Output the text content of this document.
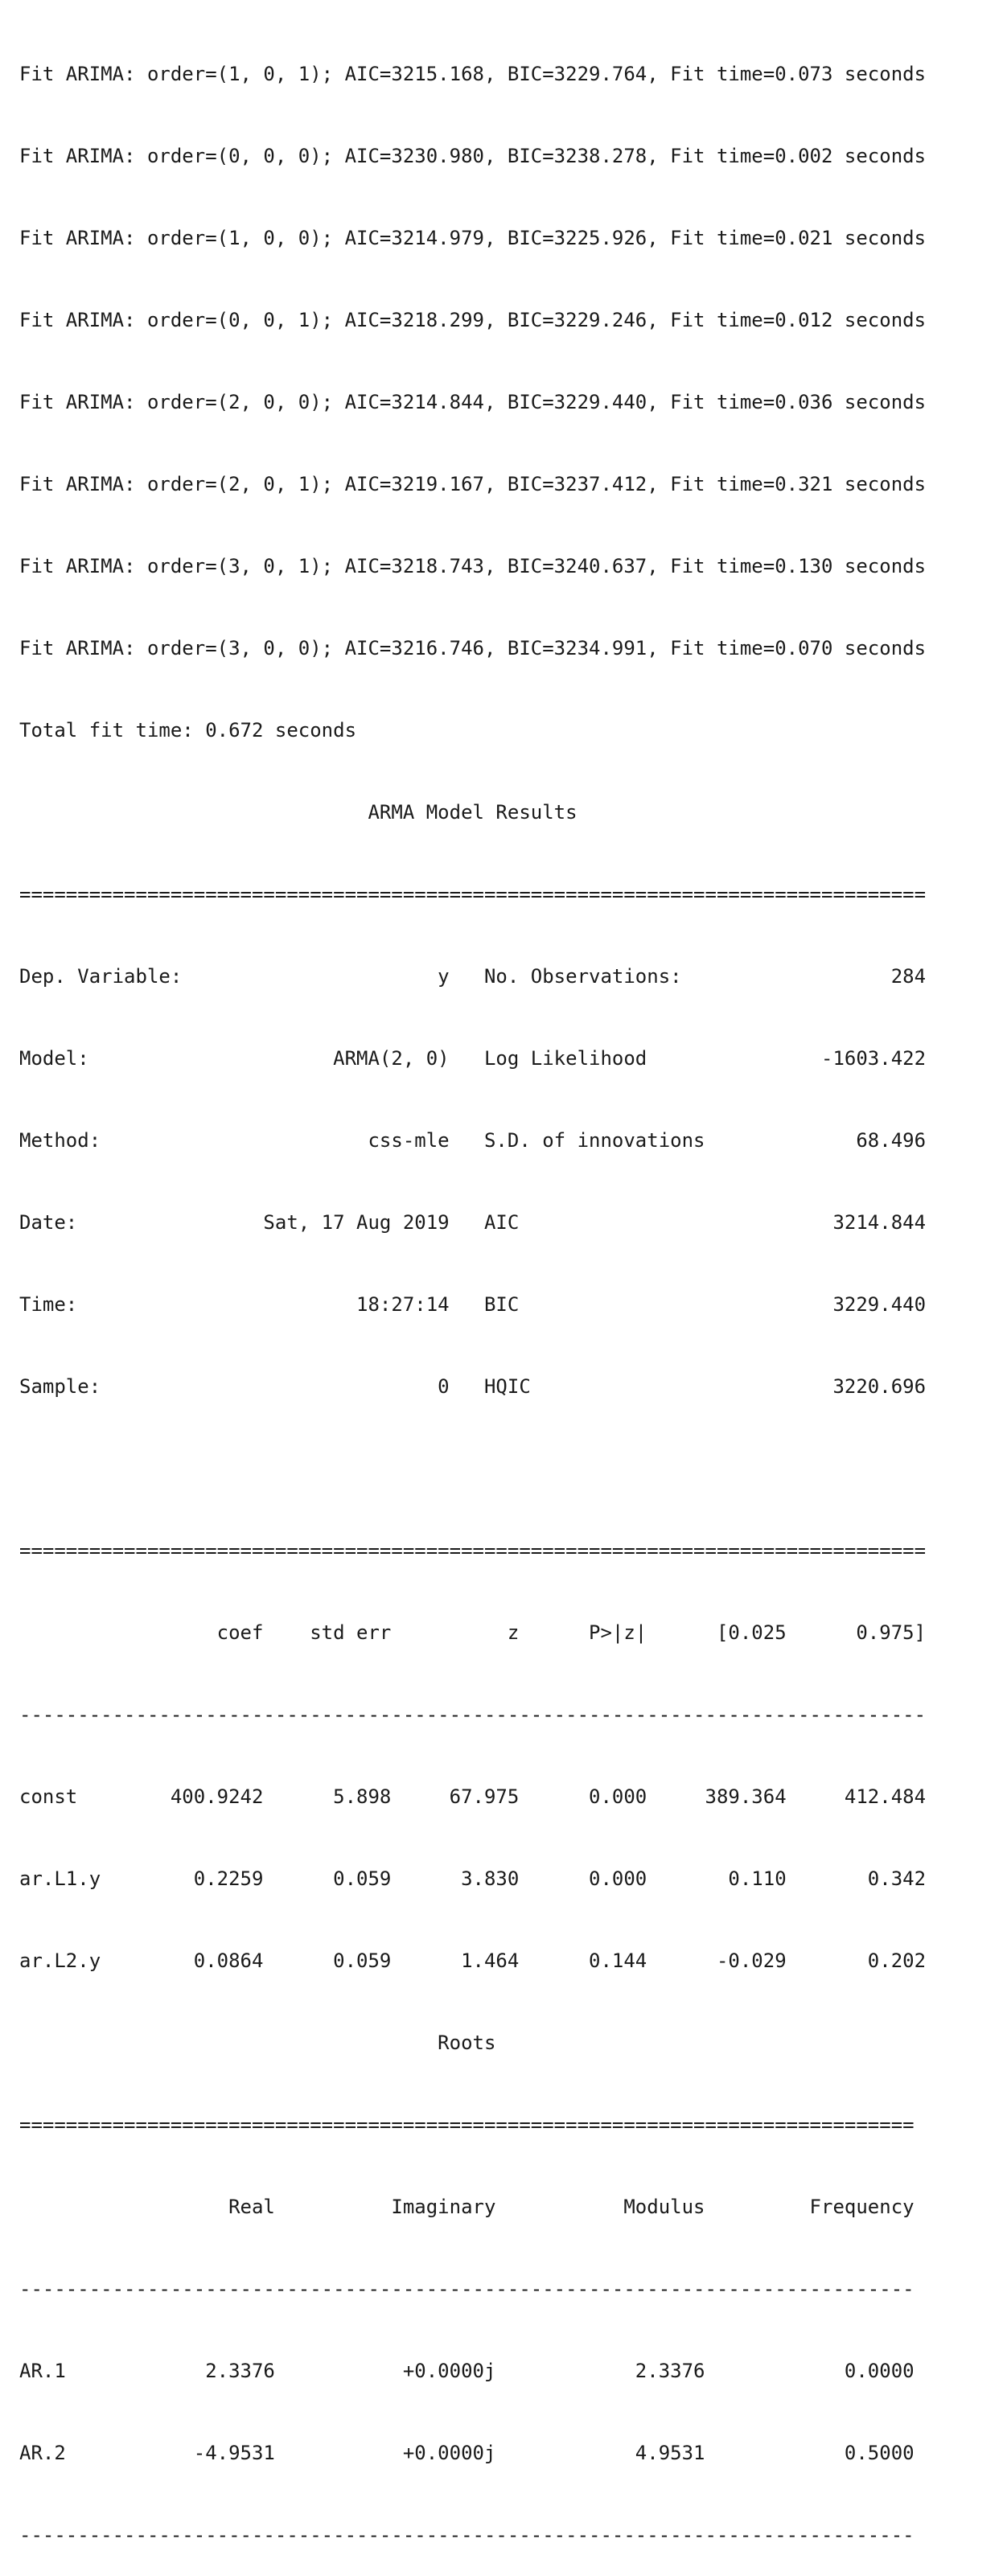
Fit ARIMA: order=(1, 0, 1); AIC=3215.168, BIC=3229.764, Fit time=0.073 seconds

Fit ARIMA: order=(0, 0, 0); AIC=3230.980, BIC=3238.278, Fit time=0.002 seconds

Fit ARIMA: order=(1, 0, 0); AIC=3214.979, BIC=3225.926, Fit time=0.021 seconds

Fit ARIMA: order=(0, 0, 1); AIC=3218.299, BIC=3229.246, Fit time=0.012 seconds

Fit ARIMA: order=(2, 0, 0); AIC=3214.844, BIC=3229.440, Fit time=0.036 seconds

Fit ARIMA: order=(2, 0, 1); AIC=3219.167, BIC=3237.412, Fit time=0.321 seconds

Fit ARIMA: order=(3, 0, 1); AIC=3218.743, BIC=3240.637, Fit time=0.130 seconds

Fit ARIMA: order=(3, 0, 0); AIC=3216.746, BIC=3234.991, Fit time=0.070 seconds

Total fit time: 0.672 seconds

ARMA Model Results

==============================================================================

Dep. Variable:                      y   No. Observations:                  284

Model:                     ARMA(2, 0)   Log Likelihood               -1603.422

Method:                       css-mle   S.D. of innovations             68.496

Date:                Sat, 17 Aug 2019   AIC                           3214.844

Time:                        18:27:14   BIC                           3229.440

Sample:                             0   HQIC                          3220.696

==============================================================================

coef    std err          z      P>|z|      [0.025      0.975]

------------------------------------------------------------------------------

const        400.9242      5.898     67.975      0.000     389.364     412.484

ar.L1.y        0.2259      0.059      3.830      0.000       0.110       0.342

ar.L2.y        0.0864      0.059      1.464      0.144      -0.029       0.202

Roots

=============================================================================

Real          Imaginary           Modulus         Frequency

-----------------------------------------------------------------------------

AR.1            2.3376           +0.0000j            2.3376            0.0000

AR.2           -4.9531           +0.0000j            4.9531            0.5000

-----------------------------------------------------------------------------
